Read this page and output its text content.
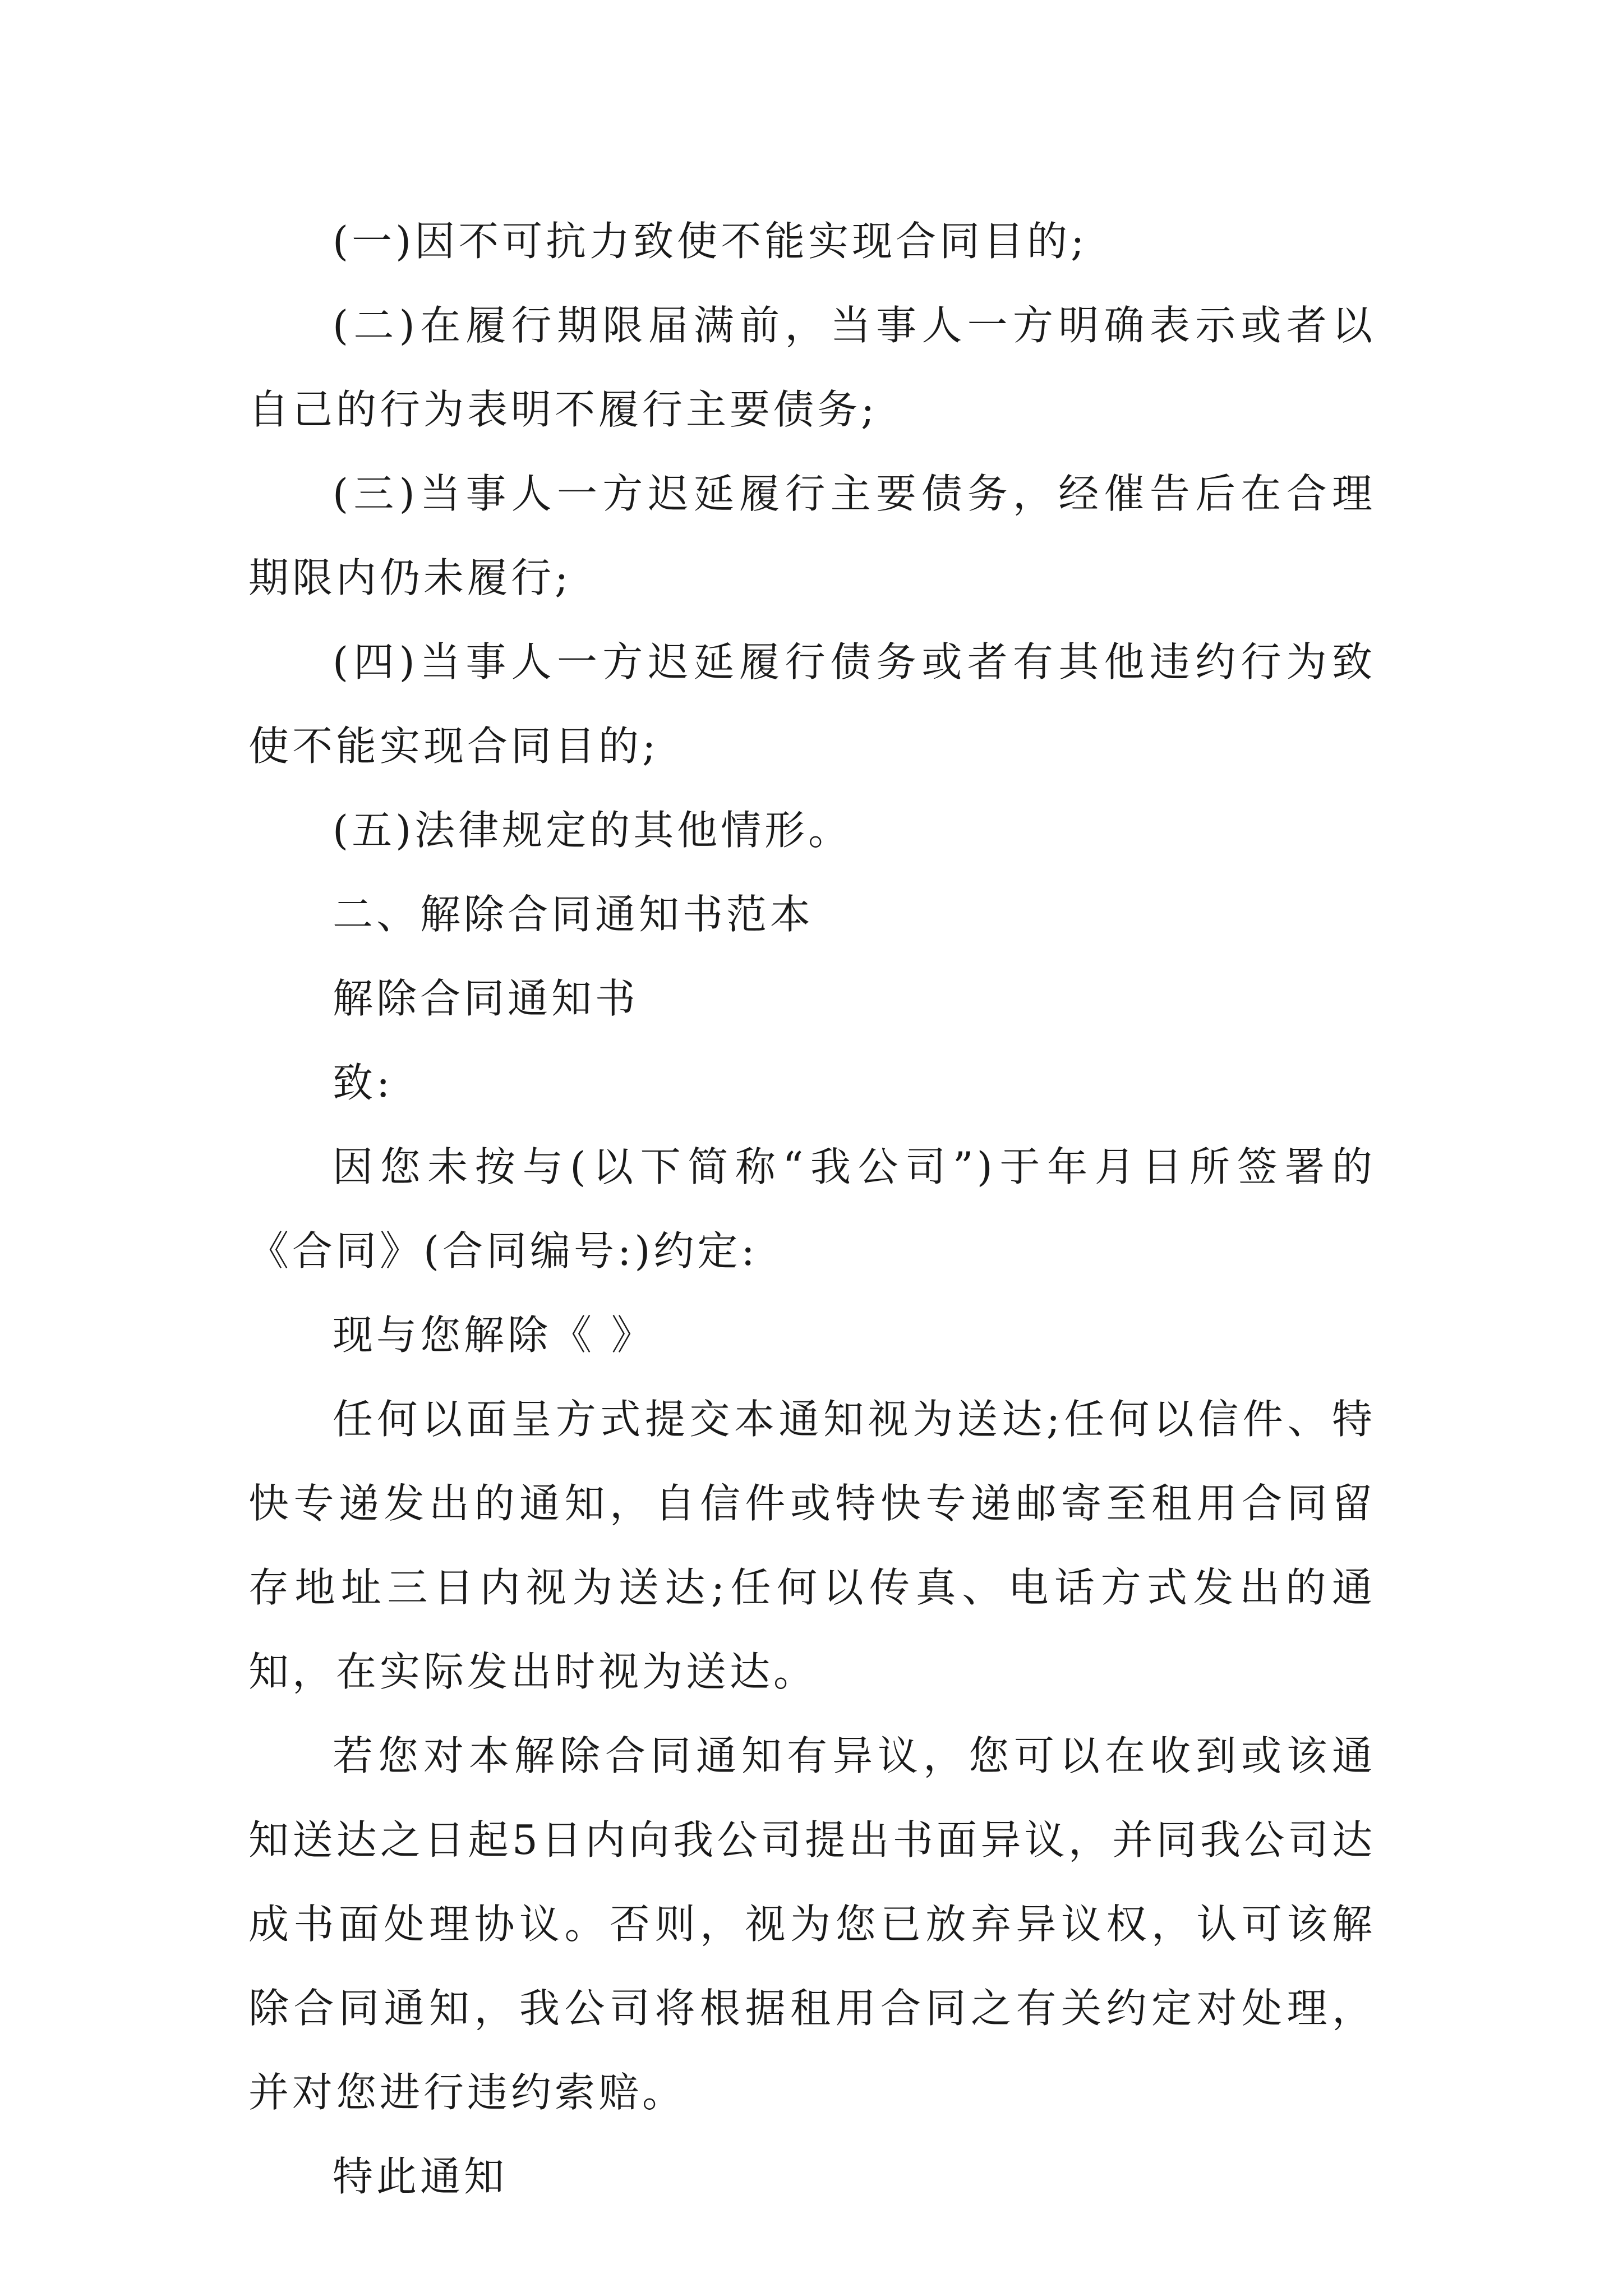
(一)因不可抗力致使不能实现合同目的;

(二)在履行期限届满前，当事人一方明确表示或者以自己的行为表明不履行主要债务;

(三)当事人一方迟延履行主要债务，经催告后在合理期限内仍未履行;

(四)当事人一方迟延履行债务或者有其他违约行为致使不能实现合同目的;

(五)法律规定的其他情形。

二、解除合同通知书范本

解除合同通知书

致:

因您未按与(以下简称“我公司”)于年月日所签署的《合同》(合同编号:)约定:

现与您解除《 》

任何以面呈方式提交本通知视为送达;任何以信件、特快专递发出的通知，自信件或特快专递邮寄至租用合同留存地址三日内视为送达;任何以传真、电话方式发出的通知，在实际发出时视为送达。

若您对本解除合同通知有异议，您可以在收到或该通知送达之日起5日内向我公司提出书面异议，并同我公司达成书面处理协议。否则，视为您已放弃异议权，认可该解除合同通知，我公司将根据租用合同之有关约定对处理，并对您进行违约索赔。

特此通知
